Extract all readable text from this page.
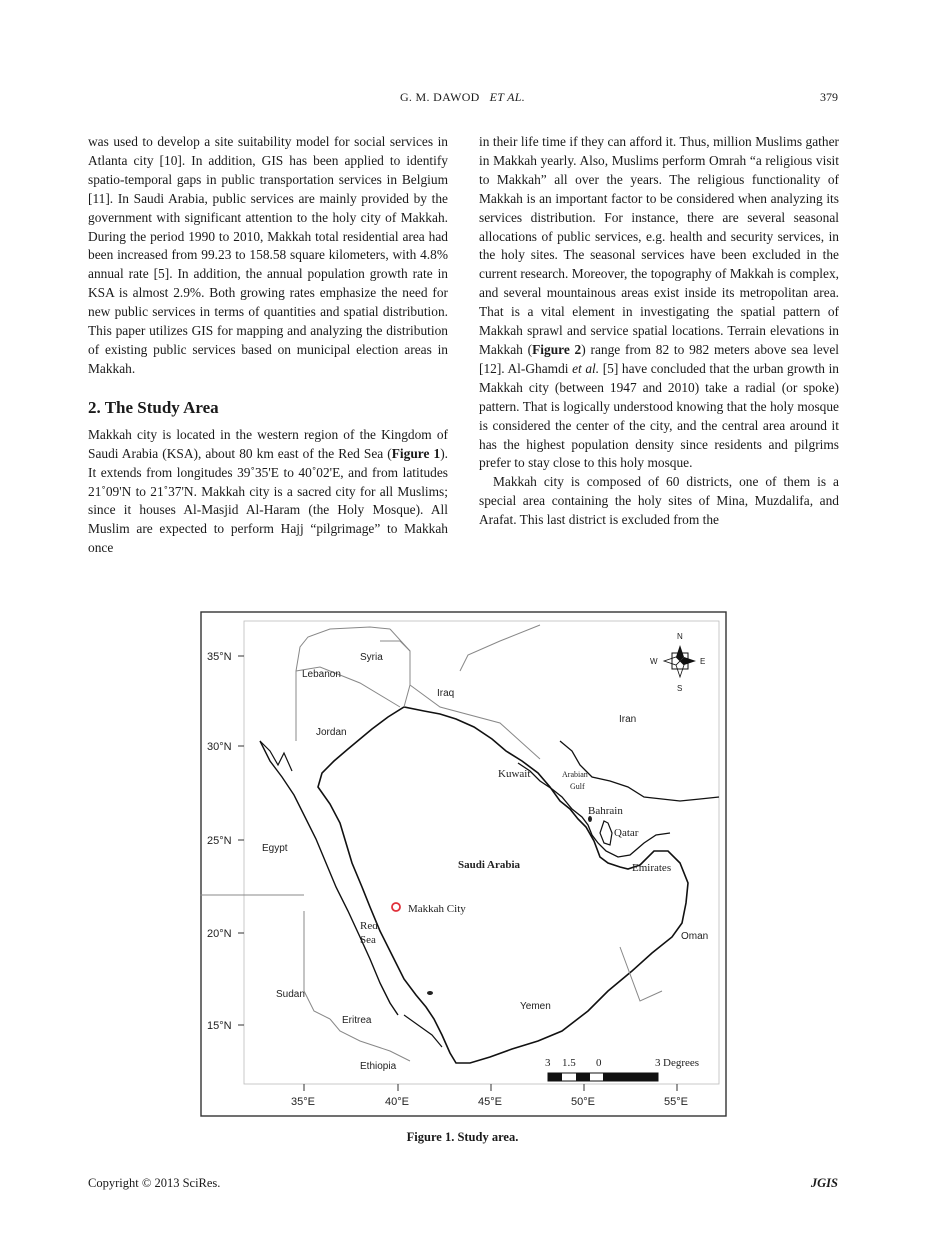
G. M. DAWOD ET AL.	379

was used to develop a site suitability model for social services in Atlanta city [10]. In addition, GIS has been applied to identify spatio-temporal gaps in public transportation services in Belgium [11]. In Saudi Arabia, public services are mainly provided by the government with significant attention to the holy city of Makkah. During the period 1990 to 2010, Makkah total residential area had been increased from 99.23 to 158.58 square kilometers, with 4.8% annual rate [5]. In addition, the annual population growth rate in KSA is almost 2.9%. Both growing rates emphasize the need for new public services in terms of quantities and spatial distribution. This paper utilizes GIS for mapping and analyzing the distribution of existing public services based on municipal election areas in Makkah.

2. The Study Area

Makkah city is located in the western region of the Kingdom of Saudi Arabia (KSA), about 80 km east of the Red Sea (Figure 1). It extends from longitudes 39˚35'E to 40˚02'E, and from latitudes 21˚09'N to 21˚37'N. Makkah city is a sacred city for all Muslims; since it houses Al-Masjid Al-Haram (the Holy Mosque). All Muslim are expected to perform Hajj “pilgrimage” to Makkah once

in their life time if they can afford it. Thus, million Muslims gather in Makkah yearly. Also, Muslims perform Omrah “a religious visit to Makkah” all over the years. The religious functionality of Makkah is an important factor to be considered when analyzing its services distribution. For instance, there are several seasonal allocations of public services, e.g. health and security services, in the holy sites. The seasonal services have been excluded in the current research. Moreover, the topography of Makkah is complex, and several mountainous areas exist inside its metropolitan area. That is a vital element in investigating the spatial pattern of Makkah sprawl and service spatial locations. Terrain elevations in Makkah (Figure 2) range from 82 to 982 meters above sea level [12]. Al-Ghamdi et al. [5] have concluded that the urban growth in Makkah city (between 1947 and 2010) take a radial (or spoke) pattern. That is logically understood knowing that the holy mosque is considered the center of the city, and the central area around it has the highest population density since residents and pilgrims prefer to stay close to this holy mosque.

Makkah city is composed of 60 districts, one of them is a special area containing the holy sites of Mina, Muzdalifa, and Arafat. This last district is excluded from the

35°N
30°N
25°N
20°N
15°N
35°E	40°E	45°E	50°E	55°E
Syria
Lebanon
Iraq
Iran
Jordan
Egypt
Oman
Sudan
Eritrea
Yemen
Ethiopia
Kuwait	Arabian
Gulf
Bahrain
Qatar
Saudi Arabia	Emirates
Makkah City
Red
Sea
N
S
E
W
3 1.5 0	3 Degrees
Figure 1. Study area.
Copyright © 2013 SciRes.	JGIS
